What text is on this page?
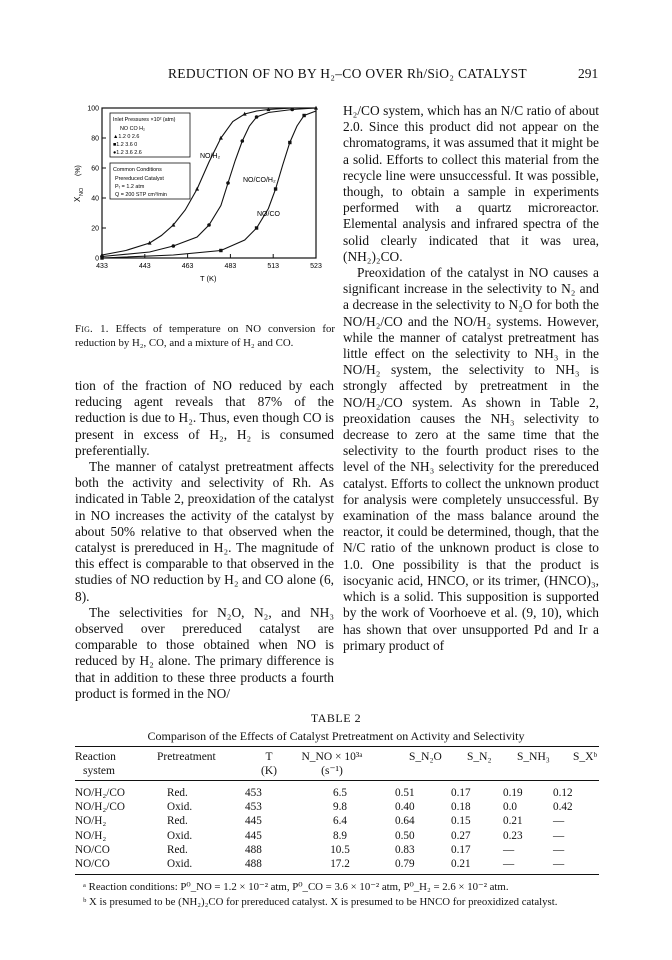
REDUCTION OF NO BY H₂–CO OVER Rh/SiO₂ CATALYST	291
433	443	463	483	513	523
100
80
60
40
20
0
Inlet Pressures ×10² (atm)
NO CO H₂
▲1.2 0 2.6
■1.2 3.6 0
●1.2 3.6 2.6
Common Conditions
Prereduced Catalyst
Pₜ = 1.2 atm
Q = 200 STP cm³/min
NO/H₂
NO/CO/H₂
NO/CO
X
NO
(%)
T (K)
Fig. 1. Effects of temperature on NO conversion for reduction by H₂, CO, and a mixture of H₂ and CO.

tion of the fraction of NO reduced by each reducing agent reveals that 87% of the reduction is due to H₂. Thus, even though CO is present in excess of H₂, H₂ is consumed preferentially.

The manner of catalyst pretreatment affects both the activity and selectivity of Rh. As indicated in Table 2, preoxidation of the catalyst in NO increases the activity of the catalyst by about 50% relative to that observed when the catalyst is prereduced in H₂. The magnitude of this effect is comparable to that observed in the studies of NO reduction by H₂ and CO alone (6, 8).

The selectivities for N₂O, N₂, and NH₃ observed over prereduced catalyst are comparable to those obtained when NO is reduced by H₂ alone. The primary difference is that in addition to these three products a fourth product is formed in the NO/

H₂/CO system, which has an N/C ratio of about 2.0. Since this product did not appear on the chromatograms, it was assumed that it might be a solid. Efforts to collect this material from the recycle line were unsuccessful. It was possible, though, to obtain a sample in experiments performed with a quartz microreactor. Elemental analysis and infrared spectra of the solid clearly indicated that it was urea, (NH₂)₂CO.

Preoxidation of the catalyst in NO causes a significant increase in the selectivity to N₂ and a decrease in the selectivity to N₂O for both the NO/H₂/CO and the NO/H₂ systems. However, while the manner of catalyst pretreatment has little effect on the selectivity to NH₃ in the NO/H₂ system, the selectivity to NH₃ is strongly affected by pretreatment in the NO/H₂/CO system. As shown in Table 2, preoxidation causes the NH₃ selectivity to decrease to zero at the same time that the selectivity to the fourth product rises to the level of the NH₃ selectivity for the prereduced catalyst. Efforts to collect the unknown product for analysis were completely unsuccessful. By examination of the mass balance around the reactor, it could be determined, though, that the N/C ratio of the unknown product is close to 1.0. One possibility is that the product is isocyanic acid, HNCO, or its trimer, (HNCO)₃, which is a solid. This supposition is supported by the work of Voorhoeve et al. (9, 10), which has shown that over unsupported Pd and Ir a primary product of

TABLE 2
Comparison of the Effects of Catalyst Pretreatment on Activity and Selectivity
Reaction
system
Pretreatment	T
(K)
N_NO × 10³ᵃ
(s⁻¹)
S_N₂O S_N₂ S_NH₃ S_Xᵇ
NO/H₂/CO	Red.	453	6.5	0.51	0.17	0.19	0.12
NO/H₂/CO	Oxid.	453	9.8	0.40	0.18	0.0	0.42
NO/H₂	Red.	445	6.4	0.64	0.15	0.21	—
NO/H₂	Oxid.	445	8.9	0.50	0.27	0.23	—
NO/CO	Red.	488	10.5	0.83	0.17	—	—
NO/CO	Oxid.	488	17.2	0.79	0.21	—	—
ᵃ Reaction conditions: P⁰_NO = 1.2 × 10⁻² atm, P⁰_CO = 3.6 × 10⁻² atm, P⁰_H₂ = 2.6 × 10⁻² atm.
ᵇ X is presumed to be (NH₂)₂CO for prereduced catalyst. X is presumed to be HNCO for preoxidized catalyst.
